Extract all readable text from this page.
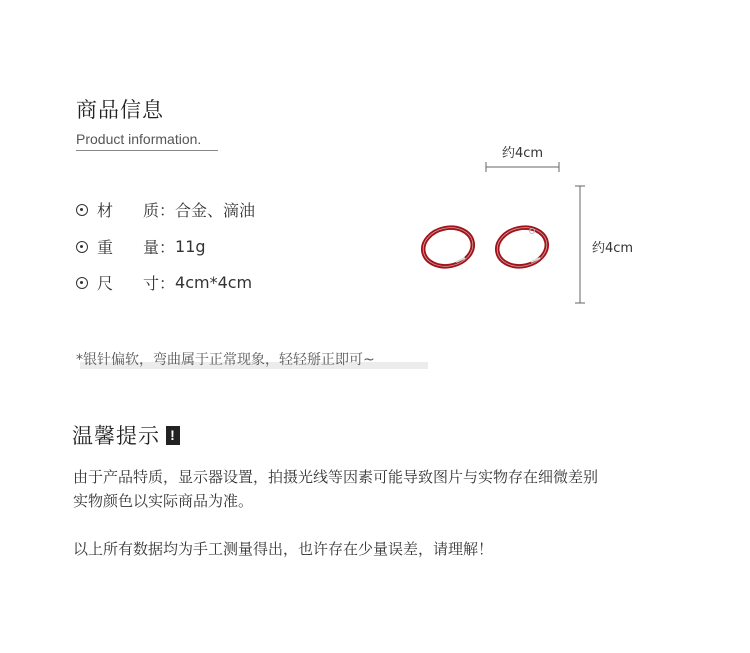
商品信息
Product information.
材	质： 合金、滴油
重	量： 11g
尺	寸： 4cm*4cm
约4cm
约4cm
*银针偏软，弯曲属于正常现象，轻轻掰正即可~
温馨提示 !
由于产品特质，显示器设置，拍摄光线等因素可能导致图片与实物存在细微差别
实物颜色以实际商品为准。
以上所有数据均为手工测量得出，也许存在少量误差，请理解！
